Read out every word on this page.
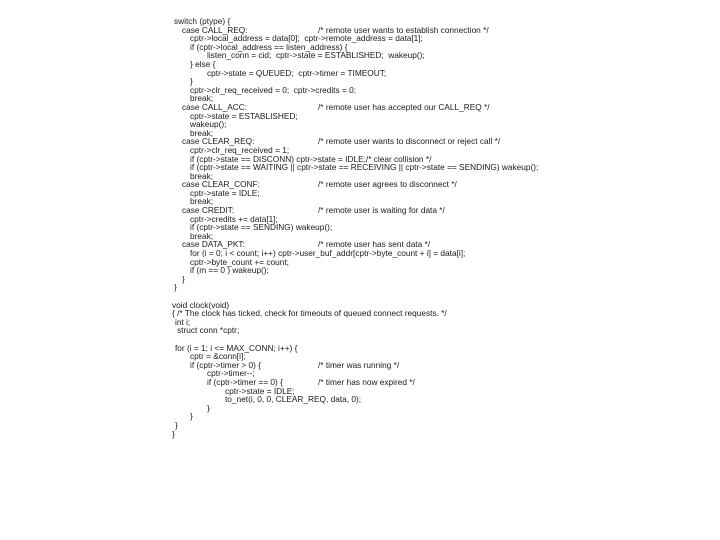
switch (ptype) {
case CALL_REQ:	/* remote user wants to establish connection */
cptr->local_address = data[0];  cptr->remote_address = data[1];
if (cptr->local_address == listen_address) {
listen_conn = cid;  cptr->state = ESTABLISHED;  wakeup();
} else {
cptr->state = QUEUED;  cptr->timer = TIMEOUT;
}
cptr->clr_req_received = 0;  cptr->credits = 0;
break;
case CALL_ACC:	/* remote user has accepted our CALL_REQ */
cptr->state = ESTABLISHED;
wakeup();
break;
case CLEAR_REQ:	/* remote user wants to disconnect or reject call */
cptr->clr_req_received = 1;
if (cptr->state == DISCONN) cptr->state = IDLE;/* clear collision */
if (cptr->state == WAITING || cptr->state == RECEIVING || cptr->state == SENDING) wakeup();
break;
case CLEAR_CONF:	/* remote user agrees to disconnect */
cptr->state = IDLE;
break;
case CREDIT:	/* remote user is waiting for data */
cptr->credits += data[1];
if (cptr->state == SENDING) wakeup();
break;
case DATA_PKT:	/* remote user has sent data */
for (i = 0; i < count; i++) cptr->user_buf_addr[cptr->byte_count + i] = data[i];
cptr->byte_count += count;
if (m == 0 ) wakeup();
}
}
void clock(void)
{ /* The clock has ticked, check for timeouts of queued connect requests. */
int i;
struct conn *cptr;
for (i = 1; i <= MAX_CONN; i++) {
cptr = &conn[i];
if (cptr->timer > 0) {	/* timer was running */
cptr->timer--;
if (cptr->timer == 0) {	/* timer has now expired */
cptr->state = IDLE;
to_net(i, 0, 0, CLEAR_REQ, data, 0);
}
}
}
}
